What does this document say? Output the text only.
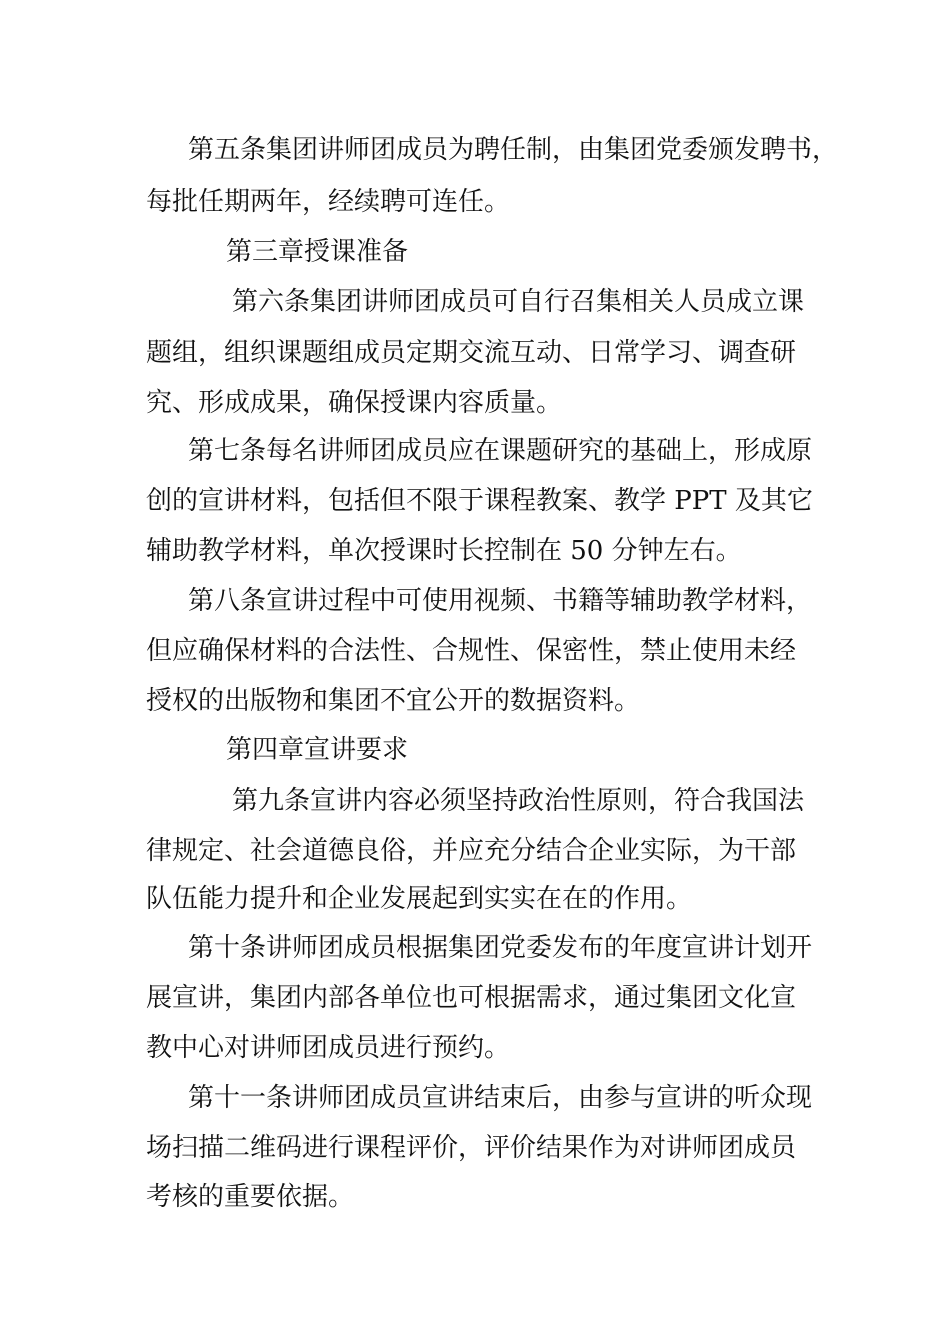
第五条集团讲师团成员为聘任制，由集团党委颁发聘书，

每批任期两年，经续聘可连任。

第三章授课准备

第六条集团讲师团成员可自行召集相关人员成立课

题组，组织课题组成员定期交流互动、日常学习、调查研

究、形成成果，确保授课内容质量。

第七条每名讲师团成员应在课题研究的基础上，形成原

创的宣讲材料，包括但不限于课程教案、教学 PPT 及其它

辅助教学材料，单次授课时长控制在 50 分钟左右。

第八条宣讲过程中可使用视频、书籍等辅助教学材料，

但应确保材料的合法性、合规性、保密性，禁止使用未经

授权的出版物和集团不宜公开的数据资料。

第四章宣讲要求

第九条宣讲内容必须坚持政治性原则，符合我国法

律规定、社会道德良俗，并应充分结合企业实际，为干部

队伍能力提升和企业发展起到实实在在的作用。

第十条讲师团成员根据集团党委发布的年度宣讲计划开

展宣讲，集团内部各单位也可根据需求，通过集团文化宣

教中心对讲师团成员进行预约。

第十一条讲师团成员宣讲结束后，由参与宣讲的听众现

场扫描二维码进行课程评价，评价结果作为对讲师团成员

考核的重要依据。
